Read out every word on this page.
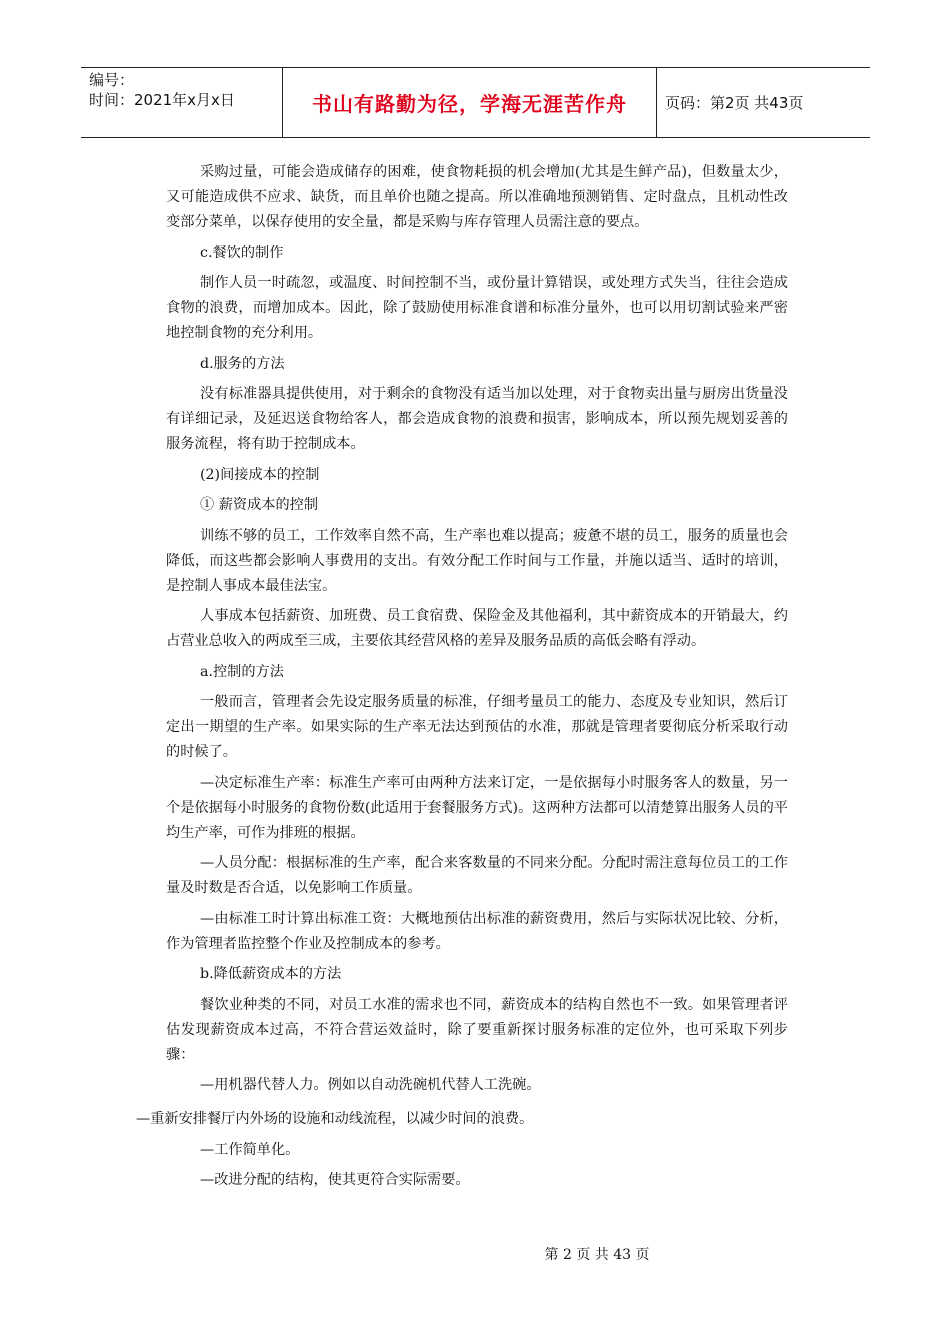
编号：
时间：2021年x月x日	书山有路勤为径，学海无涯苦作舟	页码：第2页 共43页

采购过量，可能会造成储存的困难，使食物耗损的机会增加(尤其是生鲜产品)，但数量太少，又可能造成供不应求、缺货，而且单价也随之提高。所以准确地预测销售、定时盘点，且机动性改变部分菜单，以保存使用的安全量，都是采购与库存管理人员需注意的要点。

c.餐饮的制作

制作人员一时疏忽，或温度、时间控制不当，或份量计算错误，或处理方式失当，往往会造成食物的浪费，而增加成本。因此，除了鼓励使用标准食谱和标准分量外，也可以用切割试验来严密地控制食物的充分利用。

d.服务的方法

没有标准器具提供使用，对于剩余的食物没有适当加以处理，对于食物卖出量与厨房出货量没有详细记录，及延迟送食物给客人，都会造成食物的浪费和损害，影响成本，所以预先规划妥善的服务流程，将有助于控制成本。

(2)间接成本的控制

① 薪资成本的控制

训练不够的员工，工作效率自然不高，生产率也难以提高；疲惫不堪的员工，服务的质量也会降低，而这些都会影响人事费用的支出。有效分配工作时间与工作量，并施以适当、适时的培训，是控制人事成本最佳法宝。

人事成本包括薪资、加班费、员工食宿费、保险金及其他福利，其中薪资成本的开销最大，约占营业总收入的两成至三成，主要依其经营风格的差异及服务品质的高低会略有浮动。

a.控制的方法

一般而言，管理者会先设定服务质量的标准，仔细考量员工的能力、态度及专业知识，然后订定出一期望的生产率。如果实际的生产率无法达到预估的水准，那就是管理者要彻底分析采取行动的时候了。

—决定标准生产率：标准生产率可由两种方法来订定，一是依据每小时服务客人的数量，另一个是依据每小时服务的食物份数(此适用于套餐服务方式)。这两种方法都可以清楚算出服务人员的平均生产率，可作为排班的根据。

—人员分配：根据标准的生产率，配合来客数量的不同来分配。分配时需注意每位员工的工作量及时数是否合适，以免影响工作质量。

—由标准工时计算出标准工资：大概地预估出标准的薪资费用，然后与实际状况比较、分析，作为管理者监控整个作业及控制成本的参考。

b.降低薪资成本的方法

餐饮业种类的不同，对员工水准的需求也不同，薪资成本的结构自然也不一致。如果管理者评估发现薪资成本过高，不符合营运效益时，除了要重新探讨服务标准的定位外，也可采取下列步骤：

—用机器代替人力。例如以自动洗碗机代替人工洗碗。

—重新安排餐厅内外场的设施和动线流程，以减少时间的浪费。

—工作简单化。

—改进分配的结构，使其更符合实际需要。

第 2 页 共 43 页
